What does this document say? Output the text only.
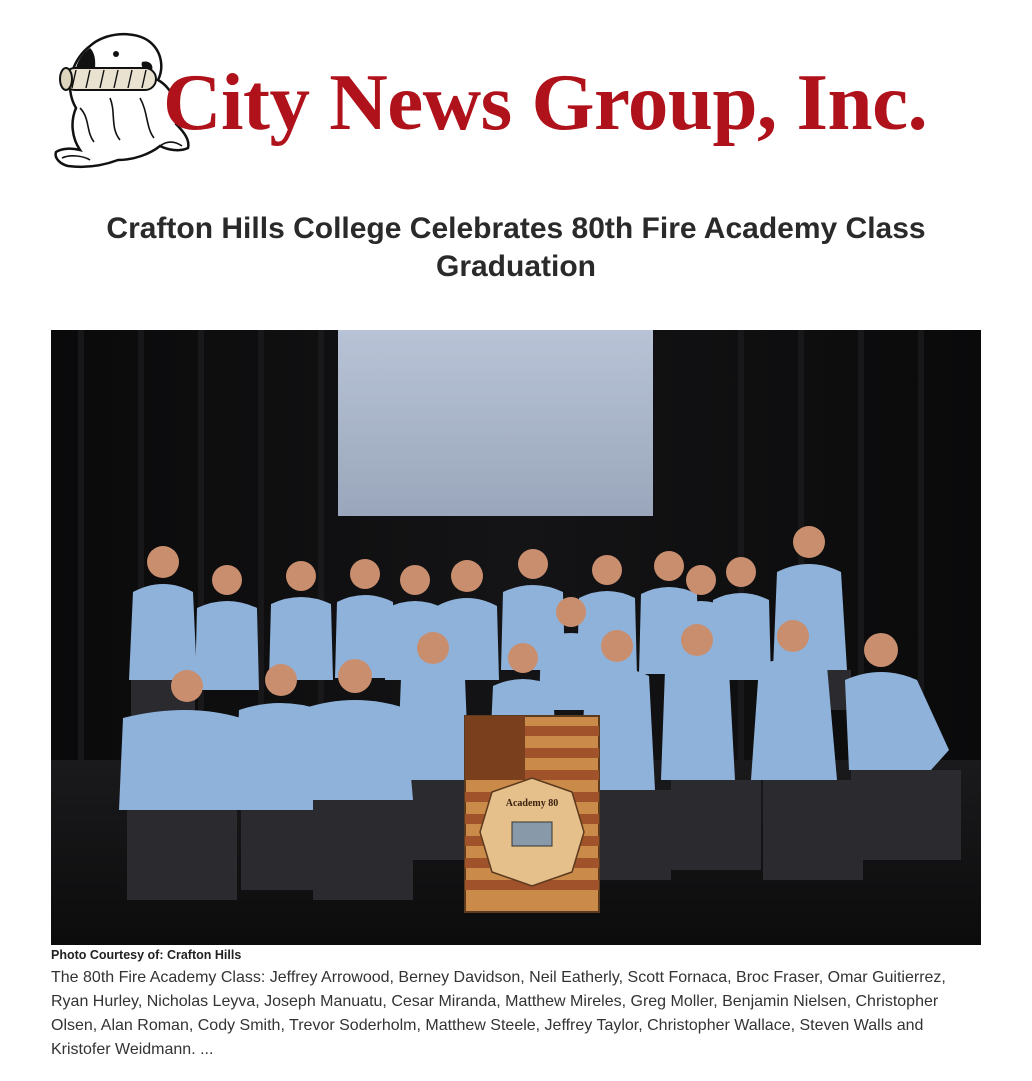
City News Group, Inc.
Crafton Hills College Celebrates 80th Fire Academy Class Graduation
Academy 80

Photo Courtesy of: Crafton Hills

The 80th Fire Academy Class: Jeffrey Arrowood, Berney Davidson, Neil Eatherly, Scott Fornaca, Broc Fraser, Omar Guitierrez, Ryan Hurley, Nicholas Leyva, Joseph Manuatu, Cesar Miranda, Matthew Mireles, Greg Moller, Benjamin Nielsen, Christopher Olsen, Alan Roman, Cody Smith, Trevor Soderholm, Matthew Steele, Jeffrey Taylor, Christopher Wallace, Steven Walls and Kristofer Weidmann. ...
